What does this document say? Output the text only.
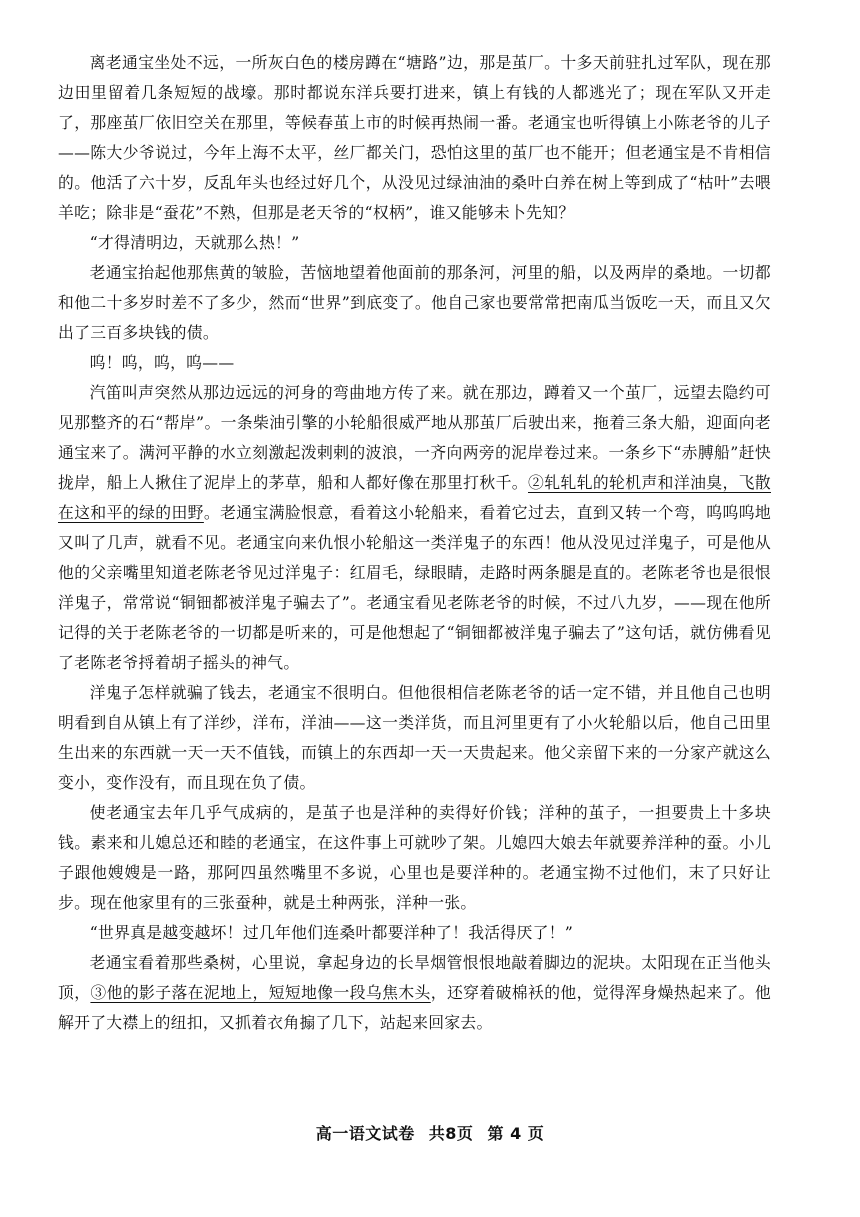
离老通宝坐处不远，一所灰白色的楼房蹲在“塘路”边，那是茧厂。十多天前驻扎过军队，现在那边田里留着几条短短的战壕。那时都说东洋兵要打进来，镇上有钱的人都逃光了；现在军队又开走了，那座茧厂依旧空关在那里，等候春茧上市的时候再热闹一番。老通宝也听得镇上小陈老爷的儿子——陈大少爷说过，今年上海不太平，丝厂都关门，恐怕这里的茧厂也不能开；但老通宝是不肯相信的。他活了六十岁，反乱年头也经过好几个，从没见过绿油油的桑叶白养在树上等到成了“枯叶”去喂羊吃；除非是“蚕花”不熟，但那是老天爷的“权柄”，谁又能够未卜先知？

“才得清明边，天就那么热！”

老通宝抬起他那焦黄的皱脸，苦恼地望着他面前的那条河，河里的船，以及两岸的桑地。一切都和他二十多岁时差不了多少，然而“世界”到底变了。他自己家也要常常把南瓜当饭吃一天，而且又欠出了三百多块钱的债。

呜！呜，呜，呜——

汽笛叫声突然从那边远远的河身的弯曲地方传了来。就在那边，蹲着又一个茧厂，远望去隐约可见那整齐的石“帮岸”。一条柴油引擎的小轮船很威严地从那茧厂后驶出来，拖着三条大船，迎面向老通宝来了。满河平静的水立刻激起泼剌剌的波浪，一齐向两旁的泥岸卷过来。一条乡下“赤膊船”赶快拢岸，船上人揪住了泥岸上的茅草，船和人都好像在那里打秋千。②轧轧轧的轮机声和洋油臭，飞散在这和平的绿的田野。老通宝满脸恨意，看着这小轮船来，看着它过去，直到又转一个弯，呜呜呜地又叫了几声，就看不见。老通宝向来仇恨小轮船这一类洋鬼子的东西！他从没见过洋鬼子，可是他从他的父亲嘴里知道老陈老爷见过洋鬼子：红眉毛，绿眼睛，走路时两条腿是直的。老陈老爷也是很恨洋鬼子，常常说“铜钿都被洋鬼子骗去了”。老通宝看见老陈老爷的时候，不过八九岁，——现在他所记得的关于老陈老爷的一切都是听来的，可是他想起了“铜钿都被洋鬼子骗去了”这句话，就仿佛看见了老陈老爷捋着胡子摇头的神气。

洋鬼子怎样就骗了钱去，老通宝不很明白。但他很相信老陈老爷的话一定不错，并且他自己也明明看到自从镇上有了洋纱，洋布，洋油——这一类洋货，而且河里更有了小火轮船以后，他自己田里生出来的东西就一天一天不值钱，而镇上的东西却一天一天贵起来。他父亲留下来的一分家产就这么变小，变作没有，而且现在负了债。

使老通宝去年几乎气成病的，是茧子也是洋种的卖得好价钱；洋种的茧子，一担要贵上十多块钱。素来和儿媳总还和睦的老通宝，在这件事上可就吵了架。儿媳四大娘去年就要养洋种的蚕。小儿子跟他嫂嫂是一路，那阿四虽然嘴里不多说，心里也是要洋种的。老通宝拗不过他们，末了只好让步。现在他家里有的三张蚕种，就是土种两张，洋种一张。

“世界真是越变越坏！过几年他们连桑叶都要洋种了！我活得厌了！”

老通宝看着那些桑树，心里说，拿起身边的长旱烟管恨恨地敲着脚边的泥块。太阳现在正当他头顶，③他的影子落在泥地上，短短地像一段乌焦木头，还穿着破棉袄的他，觉得浑身燥热起来了。他解开了大襟上的纽扣，又抓着衣角搧了几下，站起来回家去。

高一语文试卷 共8页 第 4 页
